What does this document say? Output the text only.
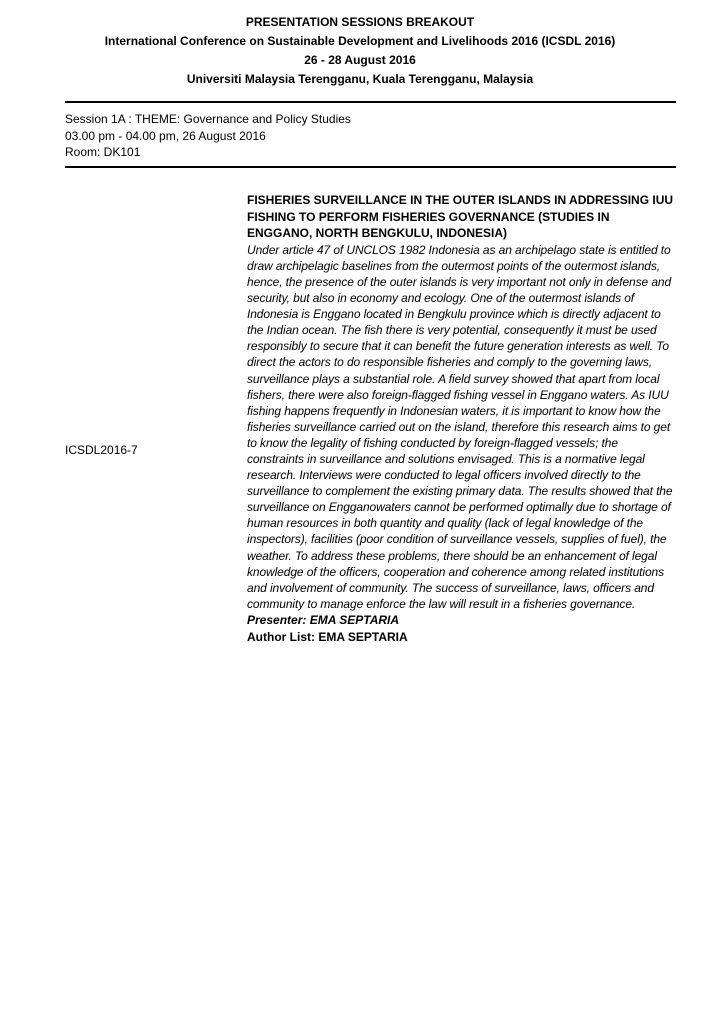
PRESENTATION SESSIONS BREAKOUT
International Conference on Sustainable Development and Livelihoods 2016 (ICSDL 2016)
26 - 28 August 2016
Universiti Malaysia Terengganu, Kuala Terengganu, Malaysia
Session 1A : THEME: Governance and Policy Studies
03.00 pm - 04.00 pm, 26 August 2016
Room: DK101
ICSDL2016-7
FISHERIES SURVEILLANCE IN THE OUTER ISLANDS IN ADDRESSING IUU FISHING TO PERFORM FISHERIES GOVERNANCE (STUDIES IN ENGGANO, NORTH BENGKULU, INDONESIA)
Under article 47 of UNCLOS 1982 Indonesia as an archipelago state is entitled to draw archipelagic baselines from the outermost points of the outermost islands, hence, the presence of the outer islands is very important not only in defense and security, but also in economy and ecology. One of the outermost islands of Indonesia is Enggano located in Bengkulu province which is directly adjacent to the Indian ocean. The fish there is very potential, consequently it must be used responsibly to secure that it can benefit the future generation interests as well. To direct the actors to do responsible fisheries and comply to the governing laws, surveillance plays a substantial role. A field survey showed that apart from local fishers, there were also foreign-flagged fishing vessel in Enggano waters. As IUU fishing happens frequently in Indonesian waters, it is important to know how the fisheries surveillance carried out on the island, therefore this research aims to get to know the legality of fishing conducted by foreign-flagged vessels; the constraints in surveillance and solutions envisaged. This is a normative legal research. Interviews were conducted to legal officers involved directly to the surveillance to complement the existing primary data. The results showed that the surveillance on Engganowaters cannot be performed optimally due to shortage of human resources in both quantity and quality (lack of legal knowledge of the inspectors), facilities (poor condition of surveillance vessels, supplies of fuel), the weather. To address these problems, there should be an enhancement of legal knowledge of the officers, cooperation and coherence among related institutions and involvement of community. The success of surveillance, laws, officers and community to manage enforce the law will result in a fisheries governance.
Presenter: EMA SEPTARIA
Author List: EMA SEPTARIA
